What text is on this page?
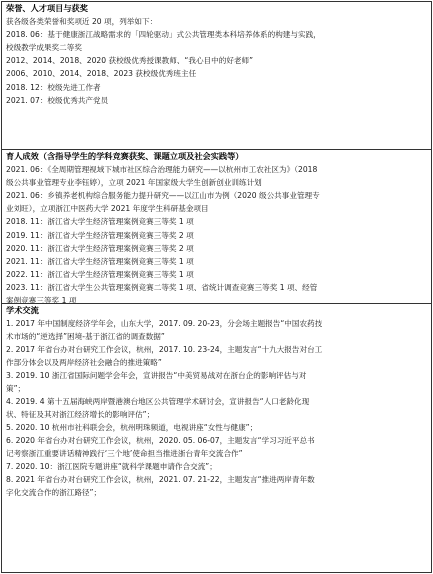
荣誉、人才项目与获奖
获各级各类荣誉和奖项近 20 项，列举如下：
2018. 06：基于健康浙江战略需求的「四轮驱动」式公共管理类本科培养体系的构建与实践，
校级教学成果奖二等奖
2012、2014、2018、2020 获校级优秀授课教师、“我心目中的好老师”
2006、2010、2014、2018、2023 获校级优秀班主任
2018. 12：校级先进工作者
2021. 07：校级优秀共产党员
育人成效（含指导学生的学科竞赛获奖、课题立项及社会实践等）
2021. 06：《全周期管理视域下城市社区综合治理能力研究——以杭州市工农社区为》（2018
级公共事业管理专业李钰婷），立项 2021 年国家级大学生创新创业训练计划
2021. 06：乡镇养老机构综合服务能力提升研究——以江山市为例（2020 级公共事业管理专
业刘旺），立项浙江中医药大学 2021 年度学生科研基金项目
2018. 11：浙江省大学生经济管理案例竞赛三等奖 1 项
2019. 11：浙江省大学生经济管理案例竞赛三等奖 2 项
2020. 11：浙江省大学生经济管理案例竞赛三等奖 2 项
2021. 11：浙江省大学生经济管理案例竞赛三等奖 1 项
2022. 11：浙江省大学生经济管理案例竞赛三等奖 1 项
2023. 11：浙江省大学生公共管理案例竞赛二等奖 1 项、省统计调查竞赛三等奖 1 项、经管
案例竞赛三等奖 1 项
学术交流
1. 2017 年中国制度经济学年会，山东大学，2017. 09. 20-23，分会场主题报告“中国农药技
术市场的“逆选择”困境-基于浙江省的调查数据”
2. 2017 年省台办对台研究工作会议，杭州，2017. 10. 23-24，主题发言“十九大报告对台工
作部分体会以及两岸经济社会融合的推进策略”
3. 2019. 10 浙江省国际问题学会年会，宣讲报告“中美贸易战对在浙台企的影响评估与对
策”；
4. 2019. 4 第十五届海峡两岸暨港澳台地区公共管理学术研讨会，宣讲报告“人口老龄化现
状、特征及其对浙江经济增长的影响评估”；
5. 2020. 10 杭州市社科联会会，杭州明珠频道，电视讲座“女性与健康”；
6. 2020 年省台办对台研究工作会议，杭州，2020. 05. 06-07，主题发言“学习习近平总书
记考察浙江重要讲话精神践行‘三个地’使命担当推进浙台青年交流合作”
7. 2020. 10：浙江医院专题讲座“就科学课题申请作合交流”；
8. 2021 年省台办对台研究工作会议，杭州，2021. 07. 21-22，主题发言“推进两岸青年数
字化交流合作的浙江路径”；
